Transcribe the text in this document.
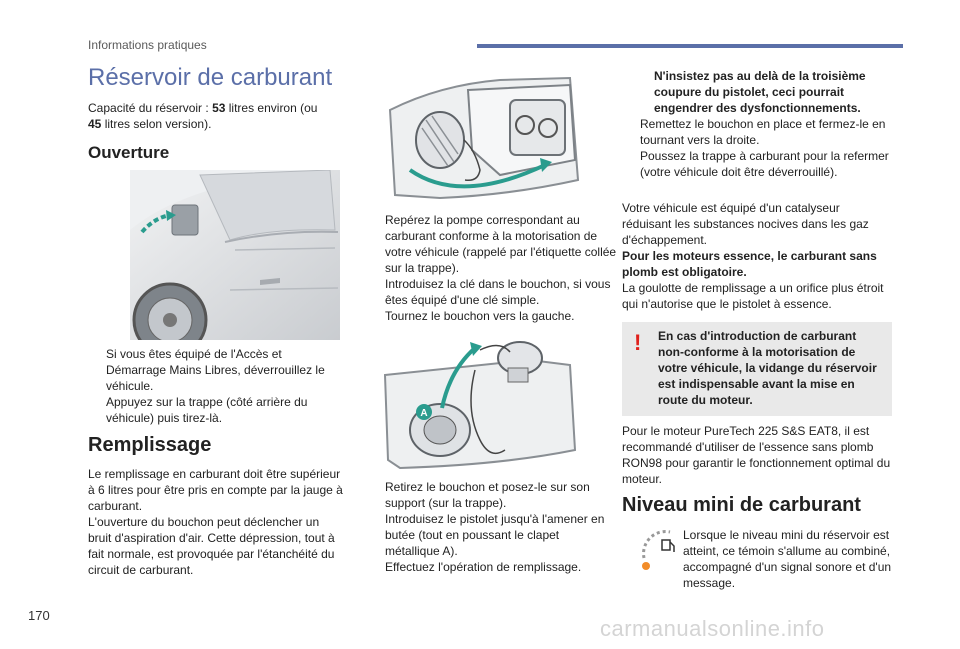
Informations pratiques
Réservoir de carburant
Capacité du réservoir : 53 litres environ (ou 45 litres selon version).
Ouverture
Si vous êtes équipé de l'Accès et Démarrage Mains Libres, déverrouillez le véhicule.
Appuyez sur la trappe (côté arrière du véhicule) puis tirez-là.
Remplissage
Le remplissage en carburant doit être supérieur à 6 litres pour être pris en compte par la jauge à carburant.
L'ouverture du bouchon peut déclencher un bruit d'aspiration d'air. Cette dépression, tout à fait normale, est provoquée par l'étanchéité du circuit de carburant.
Repérez la pompe correspondant au carburant conforme à la motorisation de votre véhicule (rappelé par l'étiquette collée sur la trappe).
Introduisez la clé dans le bouchon, si vous êtes équipé d'une clé simple.
Tournez le bouchon vers la gauche.
A
Retirez le bouchon et posez-le sur son support (sur la trappe).
Introduisez le pistolet jusqu'à l'amener en butée (tout en poussant le clapet métallique A).
Effectuez l'opération de remplissage.
N'insistez pas au delà de la troisième coupure du pistolet, ceci pourrait engendrer des dysfonctionnements.
Remettez le bouchon en place et fermez-le en tournant vers la droite.
Poussez la trappe à carburant pour la refermer (votre véhicule doit être déverrouillé).
Votre véhicule est équipé d'un catalyseur réduisant les substances nocives dans les gaz d'échappement.
Pour les moteurs essence, le carburant sans plomb est obligatoire.
La goulotte de remplissage a un orifice plus étroit qui n'autorise que le pistolet à essence.
! En cas d'introduction de carburant non-conforme à la motorisation de votre véhicule, la vidange du réservoir est indispensable avant la mise en route du moteur.
Pour le moteur PureTech 225 S&S EAT8, il est recommandé d'utiliser de l'essence sans plomb RON98 pour garantir le fonctionnement optimal du moteur.
Niveau mini de carburant
Lorsque le niveau mini du réservoir est atteint, ce témoin s'allume au combiné, accompagné d'un signal sonore et d'un message.
170
carmanualsonline.info
